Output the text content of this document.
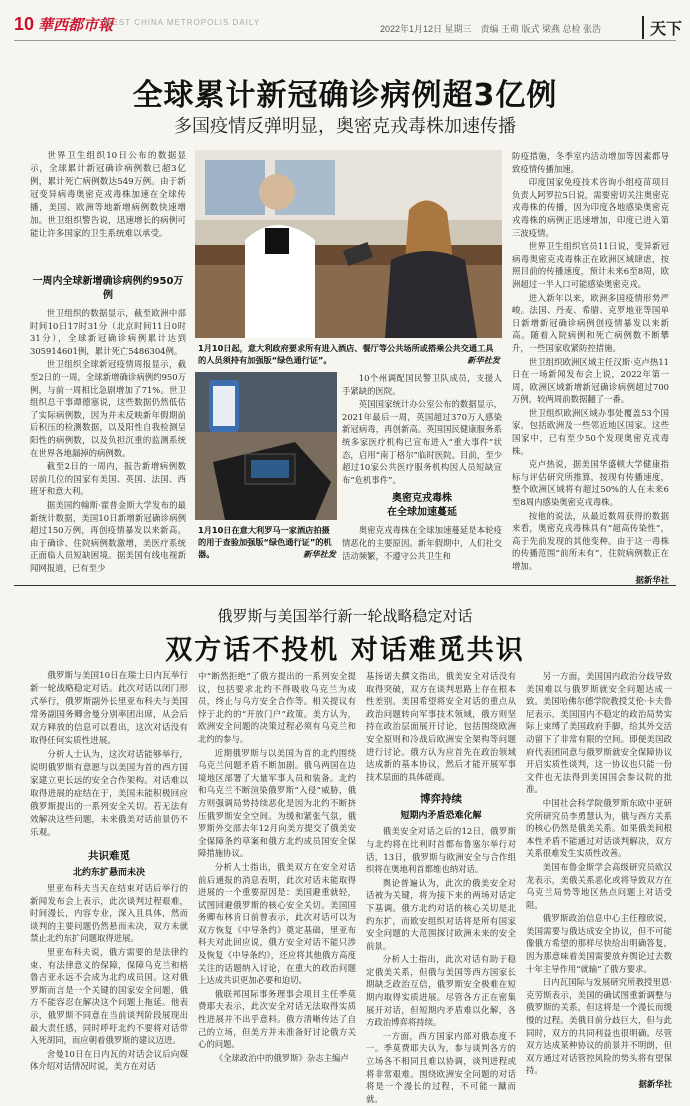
10 華西都市報
WEST CHINA METROPOLIS DAILY
2022年1月12日 星期三　责编 王萌 版式 梁燕 总检 张浩	天下
全球累计新冠确诊病例超3亿例
多国疫情反弹明显，奥密克戎毒株加速传播

世界卫生组织10日公布的数据显示，全球累计新冠确诊病例数已超3亿例，累计死亡病例数达549万例。由于新冠变异病毒奥密克戎毒株加速在全球传播，美国、欧洲等地新增病例数快速增加。世卫组织警告说，迅速增长的病例可能让许多国家的卫生系统难以承受。

一周内全球新增确诊病例约950万例

世卫组织的数据显示，截至欧洲中部时间10日17时31分（北京时间11日0时31分），全球新冠确诊病例累计达到305914601例，累计死亡5486304例。

世卫组织全球新冠疫情周报显示，截至2日的一周，全球新增确诊病例约950万例，与前一周相比急剧增加了71%。世卫组织总干事谭德塞说，这些数据仍然低估了实际病例数，因为并未反映新年假期前后积压的检测数据，以及阳性自我检测呈阳性的病例数，以及负担沉重的监测系统在世界各地漏掉的病例数。

截至2日的一周内，报告新增病例数居前几位的国家有美国、英国、法国、西班牙和意大利。

据美国约翰斯·霍普金斯大学发布的最新统计数据，美国10日新增新冠确诊病例超过150万例，再创疫情暴发以来新高。由于确诊、住院病例数激增，美医疗系统正面临人员短缺困境。据美国有线电视新闻网报道，已有至少

1月10日起，意大利政府要求所有进入酒店、餐厅等公共场所或搭乘公共交通工具的人员须持有加强版“绿色通行证”。	新华社发
1月10日在意大利罗马一家酒店拍摄的用于查验加强版“绿色通行证”的机器。	新华社发

10个州调配国民警卫队成员，支援人手紧缺的医院。

英国国家统计办公室公布的数据显示，2021年最后一周，英国超过370万人感染新冠病毒，再创新高。英国国民健康服务系统多家医疗机构已宣布进入“重大事件”状态，启用“南丁格尔”临时医院。目前，至少超过10家公共医疗服务机构因人员短缺宣布“危机事件”。

奥密克戎毒株
在全球加速蔓延

奥密克戎毒株在全球加速蔓延是本轮疫情恶化的主要原因。新年假期中，人们社交活动频繁，不遵守公共卫生和

防疫措施，冬季室内活动增加等因素都导致疫情传播加速。

印度国家免疫技术咨询小组疫苗项目负责人阿罗拉5日说，需要密切关注奥密克戎毒株的传播，因为印度各地感染奥密克戎毒株的病例正迅速增加，印度已进入第三波疫情。

世界卫生组织官员11日说，变异新冠病毒奥密克戎毒株正在欧洲区域肆虐，按照目前的传播速度，预计未来6至8周，欧洲超过一半人口可能感染奥密克戎。

进入新年以来，欧洲多国疫情形势严峻。法国、丹麦、希腊、克罗地亚等国单日新增新冠确诊病例创疫情暴发以来新高。随着入院病例和死亡病例数不断攀升，一些国家收紧防控措施。

世卫组织欧洲区域主任汉斯·克卢热11日在一场新闻发布会上说，2022年第一周，欧洲区域新增新冠确诊病例超过700万例，较两周前数据翻了一番。

世卫组织欧洲区域办事处覆盖53个国家，包括欧洲及一些邻近地区国家。这些国家中，已有至少50个发现奥密克戎毒株。

克卢热说，据美国华盛顿大学健康指标与评估研究所推算，按现有传播速度，整个欧洲区域将有超过50%的人在未来6至8周内感染奥密克戎毒株。

按他的说法，从最近数周获得的数据来看，奥密克戎毒株具有“超高传染性”，高于先前发现的其他变种。由于这一毒株的传播范围“前所未有”，住院病例数正在增加。

据新华社
俄罗斯与美国举行新一轮战略稳定对话
双方话不投机 对话难觅共识

俄罗斯与美国10日在瑞士日内瓦举行新一轮战略稳定对话。此次对话以闭门形式举行，俄罗斯副外长里亚布科夫与美国常务副国务卿舍曼分别率团出席，从会后双方释放的信息可以看出，这次对话没有取得任何实质性进展。

分析人士认为，这次对话能够举行，说明俄罗斯有意愿与以美国为首的西方国家建立更长远的安全合作架构。对话难以取得进展的症结在于，美国未能积极回应俄罗斯提出的一系列安全关切。若无法有效解决这些问题，未来俄美对话前景仍不乐观。

共识难觅
北约东扩悬而未决

里亚布科夫当天在结束对话后举行的新闻发布会上表示，此次谈判过程艰难，时间漫长，内容专业，深入且具体，然而谈判的主要问题仍然悬而未决，双方未就禁止北约东扩问题取得进展。

里亚布科夫说，俄方需要的是法律约束、有法律意义的保障，保障乌克兰和格鲁吉亚永远不会成为北约成员国。这对俄罗斯而言是一个关键的国家安全问题，俄方不能容忍在解决这个问题上拖延。他表示，俄罗斯不同意在当前谈判阶段展现出最大责任感，同时呼吁北约不要将对话带入死胡同，而应朝着俄罗斯的建议迈进。

舍曼10日在日内瓦的对话会议后向媒体介绍对话情况时说，美方在对话

中“断然拒绝”了俄方提出的一系列安全提议，包括要求北约不得吸收乌克兰为成员，终止与乌方安全合作等。相关提议有悖于北约的“开放门户”政策。美方认为，欧洲安全问题的决策过程必须有乌克兰和北约的参与。

近期俄罗斯与以美国为首的北约围绕乌克兰问题矛盾不断加剧。俄乌两国在边境地区部署了大量军事人员和装备。北约和乌克兰不断渲染俄罗斯“入侵”威胁，俄方则强调局势持续恶化是因为北约不断挤压俄罗斯安全空间。为缓和紧张气氛，俄罗斯外交部去年12月向美方提交了俄美安全保障条约草案和俄方北约成员国安全保障措施协议。

分析人士指出，俄美双方在安全对话前后通报的消息表明，此次对话未能取得进展的一个重要原因是：美国避重就轻，试图回避俄罗斯的核心安全关切。美国国务卿布林肯日前曾表示，此次对话可以为双方恢复《中导条约》奠定基础，里亚布科夫对此回应说，俄方安全对话不能只涉及恢复《中导条约》，还应将其他俄方高度关注的话题纳入讨论，在重大的政治问题上达成共识更加必要和迫切。

俄联邦国际事务理事会项目主任季莫费耶夫表示，此次安全对话无法取得实质性进展并不出乎意料。俄方清晰传达了自己的立场，但美方并未准备好讨论俄方关心的问题。

《全球政治中的俄罗斯》杂志主编卢

基扬诺夫撰文指出，俄美安全对话没有取得突破，双方在谈判思路上存在根本性差别。美国希望将安全对话的重点从政治问题转向军事技术领域，俄方则坚持在政治层面展开讨论，包括围绕欧洲安全原则和冷战后欧洲安全架构等问题进行讨论。俄方认为应首先在政治领域达成新的基本协议，然后才能开展军事技术层面的具体磋商。

博弈持续
短期内矛盾恐难化解

俄美安全对话之后的12日，俄罗斯与北约将在比利时首都布鲁塞尔举行对话，13日，俄罗斯与欧洲安全与合作组织将在奥地利首都维也纳对话。

舆论普遍认为，此次的俄美安全对话被为关键，将为接下来的两场对话定下基调。俄方北约对话的核心关切是北约东扩，而欧安组织对话将是所有国家安全问题的大范围探讨欧洲未来的安全前景。

分析人士指出，此次对话有助于稳定俄美关系，但俄与美国等西方国家长期缺乏政治互信，俄罗斯安全极难在短期内取得实质进展。尽管各方正在密集展开对话，但短期内矛盾难以化解，各方政治博弈将持续。

一方面，西方国家内部对俄态度不一。季莫费耶夫认为，参与谈判各方的立场各不相同且难以协调，谈判进程或将非常艰难。围绕欧洲安全问题的对话将是一个漫长的过程，不可能一蹴而就。

另一方面，美国国内政治分歧导致美国难以与俄罗斯就安全问题达成一致。美国哈佛尔德学院教授艾伦·卡夫鲁尼表示，美国国内不稳定的政治局势实际上束缚了美国政府手脚，给其外交活动留下了非常有限的空间。即便美国政府代表团同意与俄罗斯就安全保障协议开启实质性谈判，这一协议也只能一份文件也无法得到美国国会参议院的批准。

中国社会科学院俄罗斯东欧中亚研究所研究员李勇慧认为，俄与西方关系的核心仍然是俄美关系。如果俄美间根本性矛盾不能通过对话谈判解决，双方关系很难发生实质性改善。

美国布鲁金斯学会高级研究员欧汉龙表示，美俄关系恶化或将导致双方在乌克兰局势等地区热点问题上对话受阻。

俄罗斯政治信息中心主任穆欣说，美国需要与俄达成安全协议，但不可能像俄方希望的那样尽快给出明确答复，因为那意味着美国需要放弃舆论过去数十年主导作用“就输”了俄方要求。

日内瓦国际与发展研究所教授里恩·克劳斯表示，美国的确试图重新调整与俄罗斯的关系，但这将是一个漫长而缓慢的过程。美俄目前分歧巨大，但与此同时，双方的共同利益也很明确。尽管双方达成某种协议的前景并不明朗，但双方通过对话管控风险的势头将有望保持。

据新华社
